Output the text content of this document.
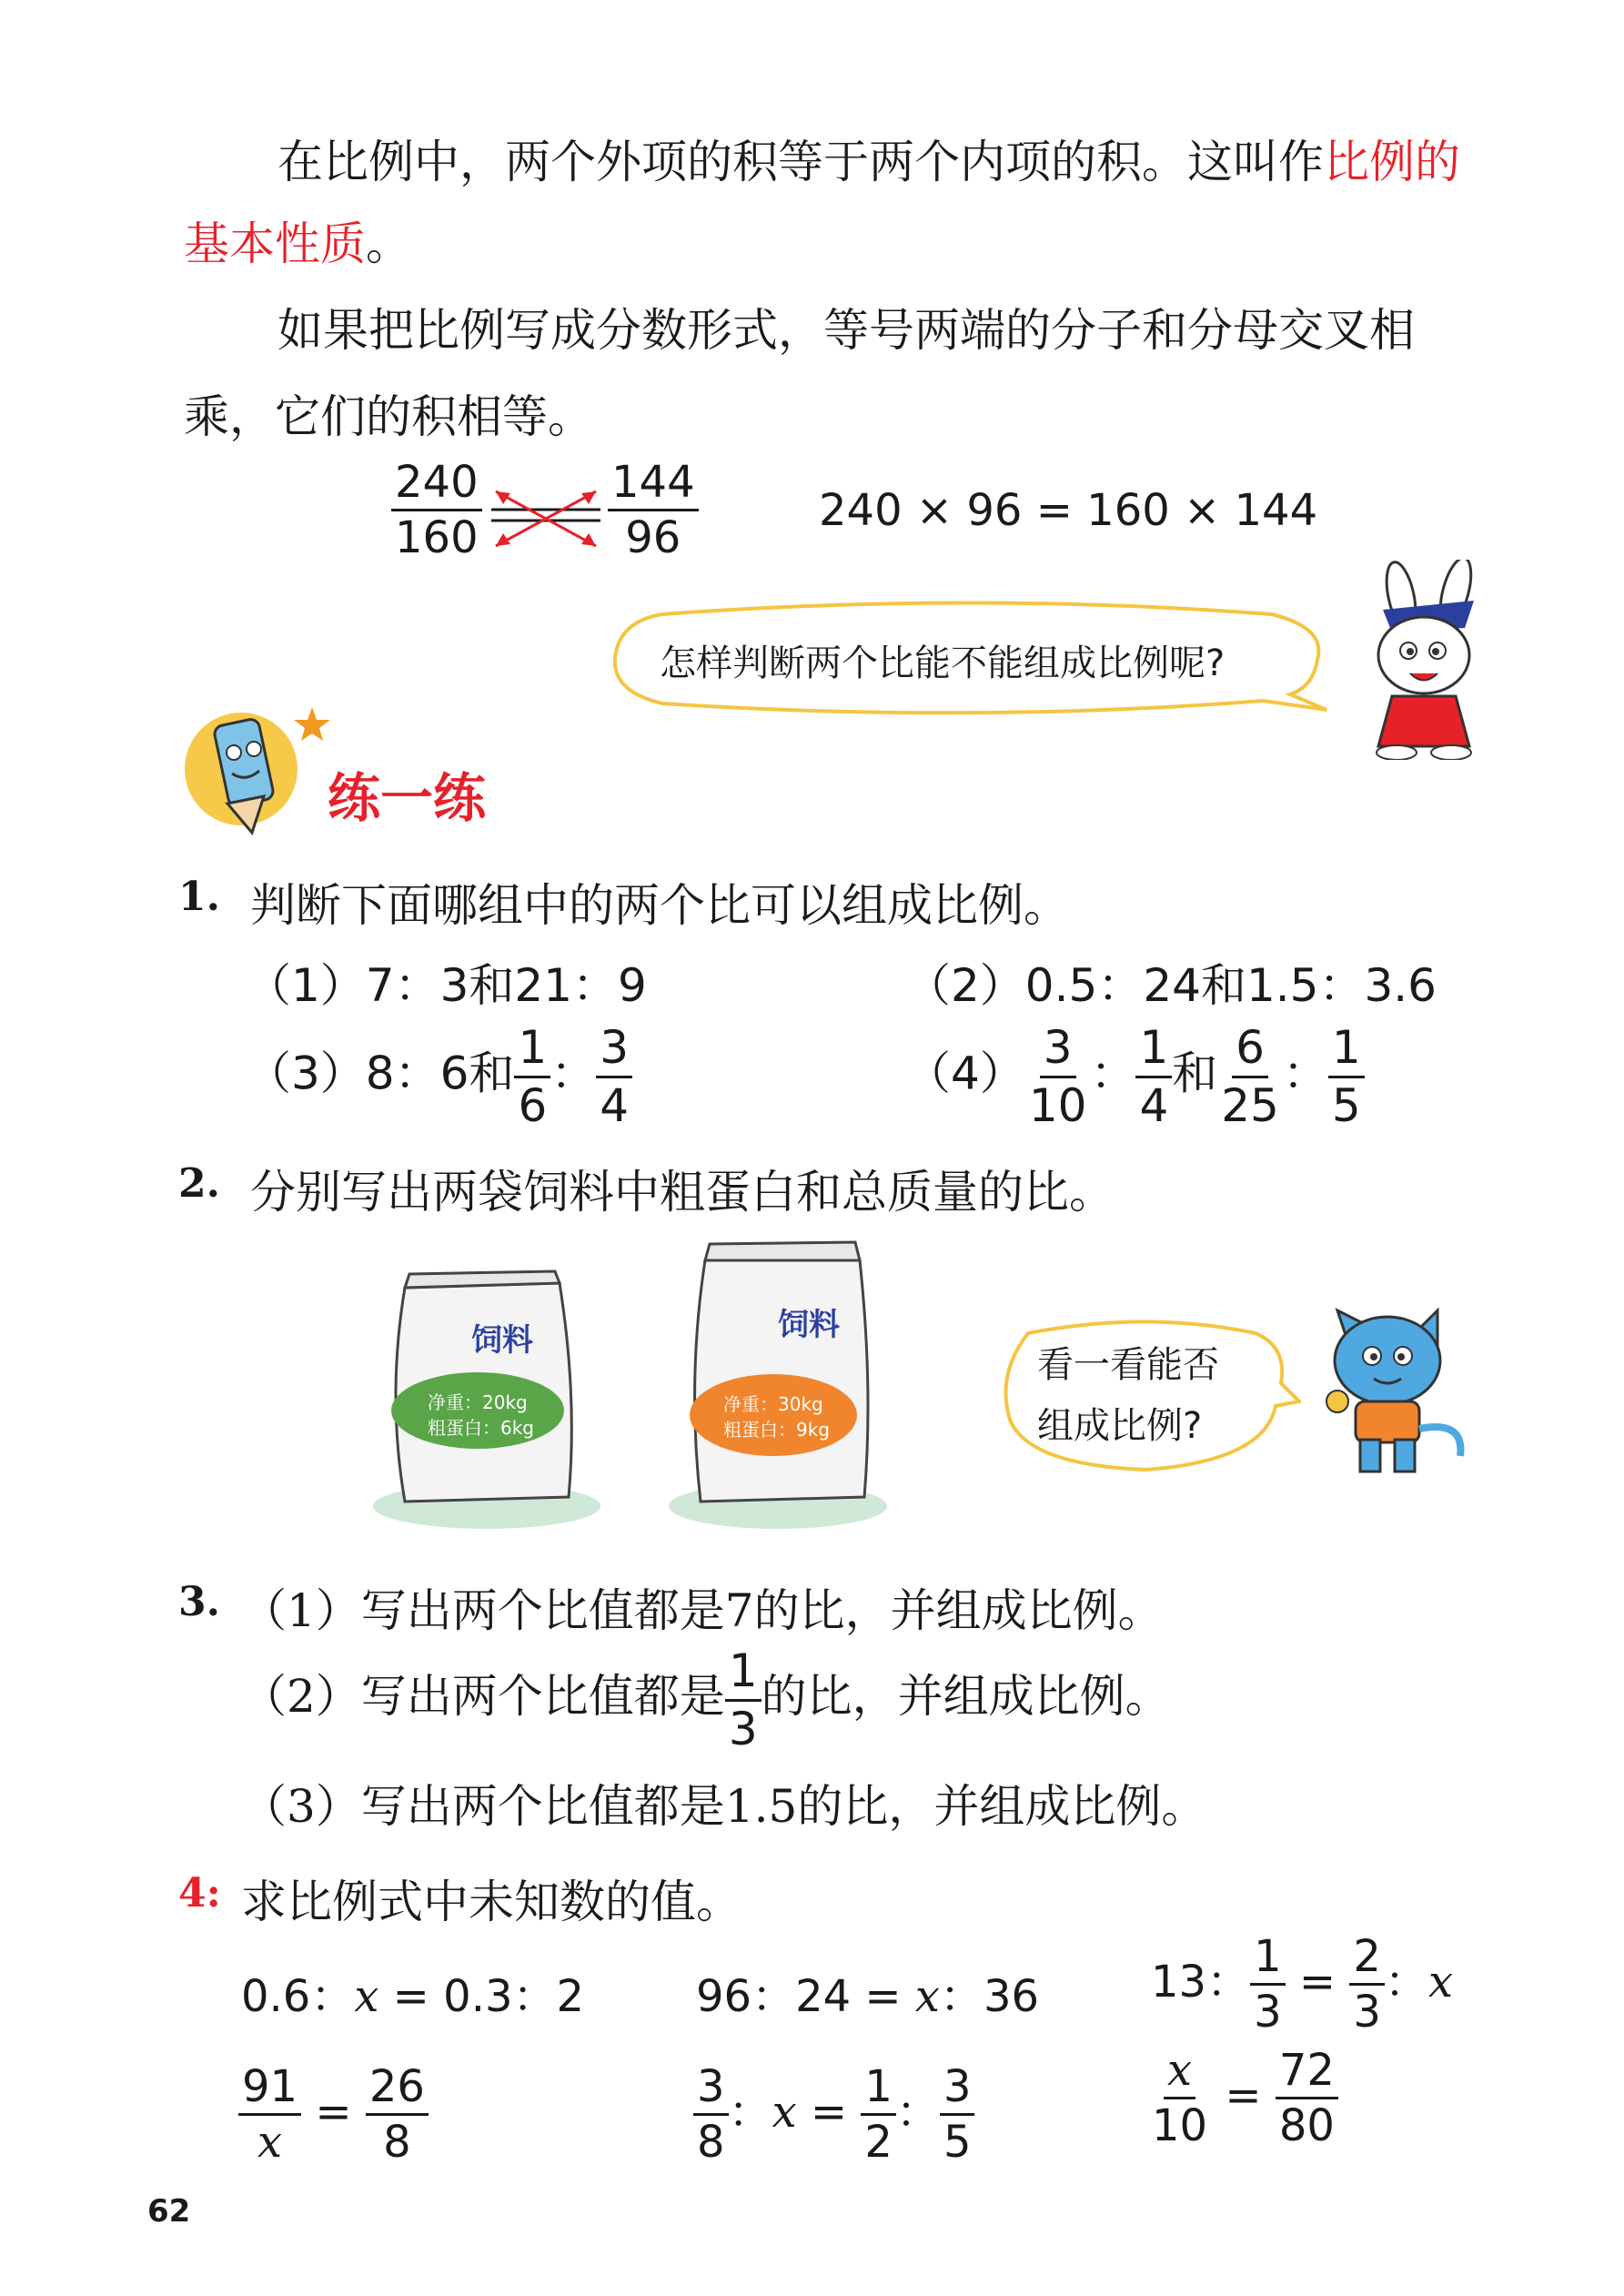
在比例中，两个外项的积等于两个内项的积。这叫作比例的
基本性质。
如果把比例写成分数形式，等号两端的分子和分母交叉相
乘，它们的积相等。
$\frac{240}{160}$	$\frac{144}{96}$	240 × 96 = 160 × 144
怎样判断两个比能不能组成比例呢?
练一练
1. 判断下面哪组中的两个比可以组成比例。
（1）7：3和21：9	（2）0.5：24和1.5：3.6
（3）8：6和 $\frac{1}{6}$ ： $\frac{3}{4}$	$(4) \frac{3}{10}$ ： $\frac{1}{4}$ 和 $\frac{6}{25}$ ： $\frac{1}{5}$
2. 分别写出两袋饲料中粗蛋白和总质量的比。
饲料
净重：20kg
粗蛋白：6kg
饲料
净重：30kg
粗蛋白：9kg
看一看能否
组成比例?
3. （1）写出两个比值都是7的比，并组成比例。
（2）写出两个比值都是 $\frac{1}{3}$ 的比，并组成比例。
（3）写出两个比值都是1.5的比，并组成比例。
4: 求比例式中未知数的值。
0.6：x = 0.3：2	96：24 = x：36	13： $\frac{1}{3} = \frac{2}{3}$ ：x
$\frac{91}{x} = \frac{26}{8}$	$\frac{3}{8}$ ：$x = \frac{1}{2}$ ： $\frac{3}{5}$	$\frac{x}{10} = \frac{72}{80}$
62
